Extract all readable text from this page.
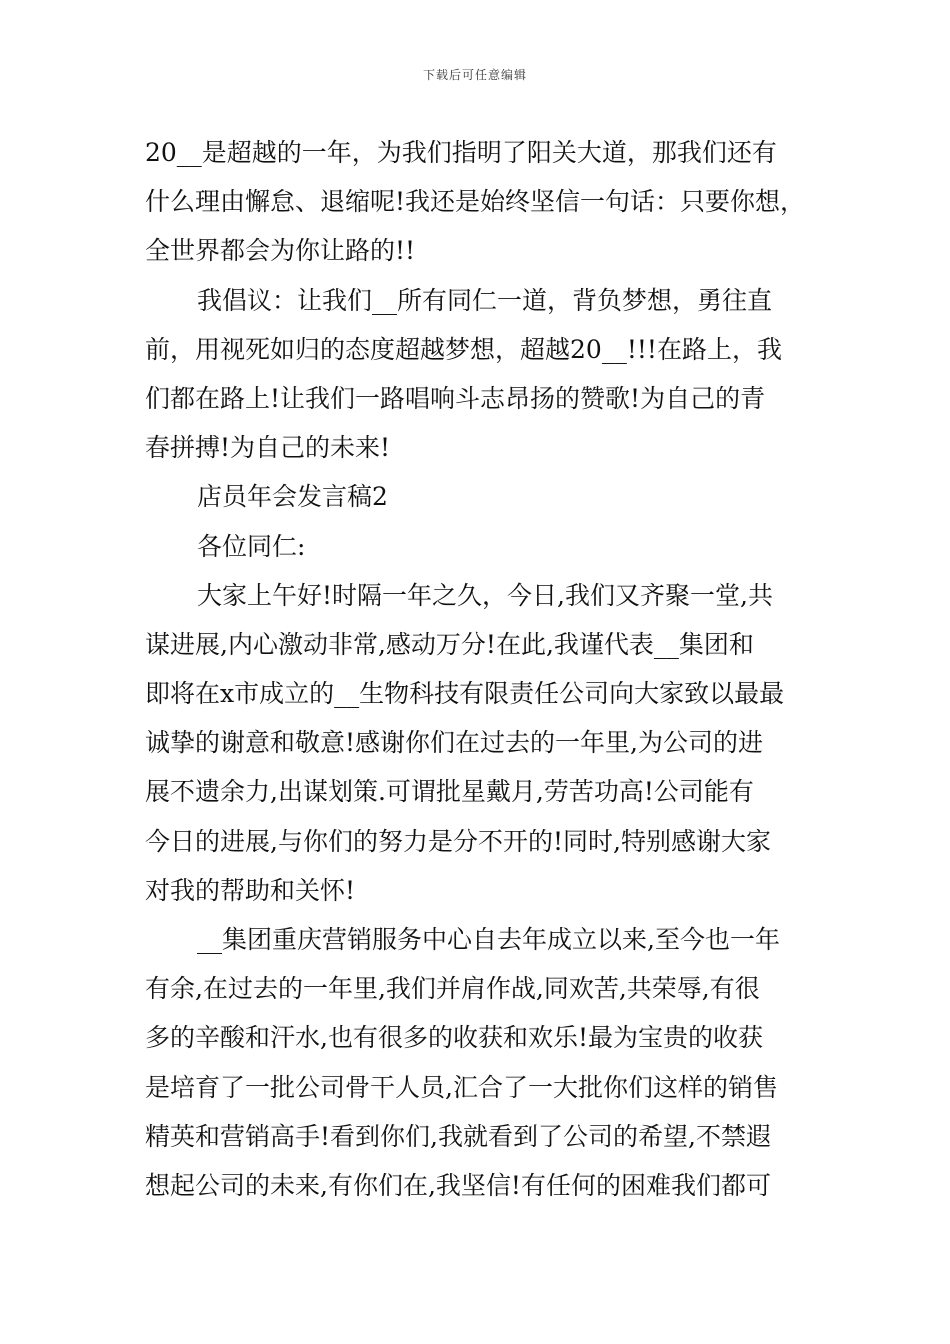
下载后可任意编辑
20__是超越的一年，为我们指明了阳关大道，那我们还有
什么理由懈怠、退缩呢!我还是始终坚信一句话：只要你想，
全世界都会为你让路的!!
我倡议：让我们__所有同仁一道，背负梦想，勇往直
前，用视死如归的态度超越梦想，超越20__!!!在路上，我
们都在路上!让我们一路唱响斗志昂扬的赞歌!为自己的青
春拼搏!为自己的未来!
店员年会发言稿2
各位同仁:
大家上午好!时隔一年之久，今日,我们又齐聚一堂,共
谋进展,内心激动非常,感动万分!在此,我谨代表__集团和
即将在x市成立的__生物科技有限责任公司向大家致以最最
诚挚的谢意和敬意!感谢你们在过去的一年里,为公司的进
展不遗余力,出谋划策.可谓批星戴月,劳苦功高!公司能有
今日的进展,与你们的努力是分不开的!同时,特别感谢大家
对我的帮助和关怀!
__集团重庆营销服务中心自去年成立以来,至今也一年
有余,在过去的一年里,我们并肩作战,同欢苦,共荣辱,有很
多的辛酸和汗水,也有很多的收获和欢乐!最为宝贵的收获
是培育了一批公司骨干人员,汇合了一大批你们这样的销售
精英和营销高手!看到你们,我就看到了公司的希望,不禁遐
想起公司的未来,有你们在,我坚信!有任何的困难我们都可
